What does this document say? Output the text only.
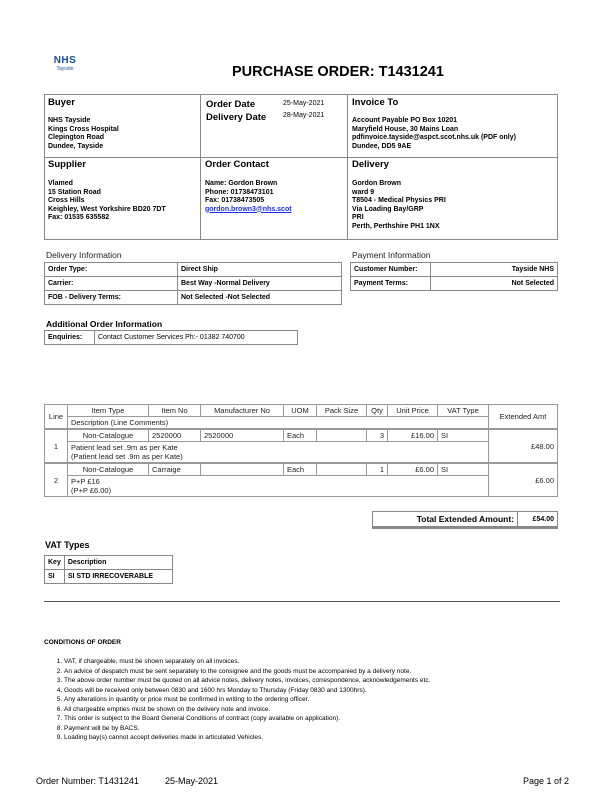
NHS
Tayside	PURCHASE ORDER: T1431241
Buyer
NHS Tayside
Kings Cross Hospital
Clepington Road
Dundee, Tayside
Order Date	25-May-2021
Delivery Date 28-May-2021
Invoice To
Account Payable PO Box 10201
Maryfield House, 30 Mains Loan
pdfinvoice.tayside@aspct.scot.nhs.uk (PDF only)
Dundee, DD5 9AE
Supplier
Vlamed
15 Station Road
Cross Hills
Keighley, West Yorkshire BD20 7DT
Fax: 01535 635582
Order Contact
Name: Gordon Brown
Phone: 01738473101
Fax: 01738473505
gordon.brown3@nhs.scot
Delivery
Gordon Brown
ward 9
T8504 - Medical Physics PRI
Via Loading Bay/GRP
PRI
Perth, Perthshire PH1 1NX
Delivery Information
Order Type:	Direct Ship
Carrier:	Best Way -Normal Delivery
FOB - Delivery Terms:	Not Selected -Not Selected
Payment Information
Customer Number:	Tayside NHS
Payment Terms:	Not Selected
Additional Order Information
Enquiries:	Contact Customer Services Ph:- 01382 740700
Line	Item Type	Item No	Manufacturer No	UOM	Pack Size	Qty	Unit Price	VAT Type	Extended Amt
	Description (Line Comments)								
1	Non-Catalogue	2520000	2520000	Each		3	£16.00	SI	£48.00

	Patient lead set .9m as per Kate
(Patient lead set .9m as per Kate)								

2	Non-Catalogue	Carraige		Each		1	£6.00	SI	£6.00

	P+P £16
(P+P £6.00)								
Total Extended Amount:	£54.00
VAT Types
Key	Description
SI	SI STD IRRECOVERABLE
CONDITIONS OF ORDER
1. VAT, if chargeable, must be shown separately on all invoices.
2. An advice of despatch must be sent separately to the consignee and the goods must be accompanied by a delivery note.
3. The above order number must be quoted on all advice notes, delivery notes, invoices, correspondence, acknowledgements etc.
4. Goods will be received only between 0830 and 1600 hrs Monday to Thursday (Friday 0830 and 1300hrs).
5. Any alterations in quantity or price must be confirmed in writing to the ordering officer.
6. All chargeable empties must be shown on the delivery note and invoice.
7. This order is subject to the Board General Conditions of contract (copy available on application).
8. Payment will be by BACS.
9. Loading bay(s) cannot accept deliveries made in articulated Vehicles.
Order Number: T1431241	25-May-2021	Page 1 of 2
